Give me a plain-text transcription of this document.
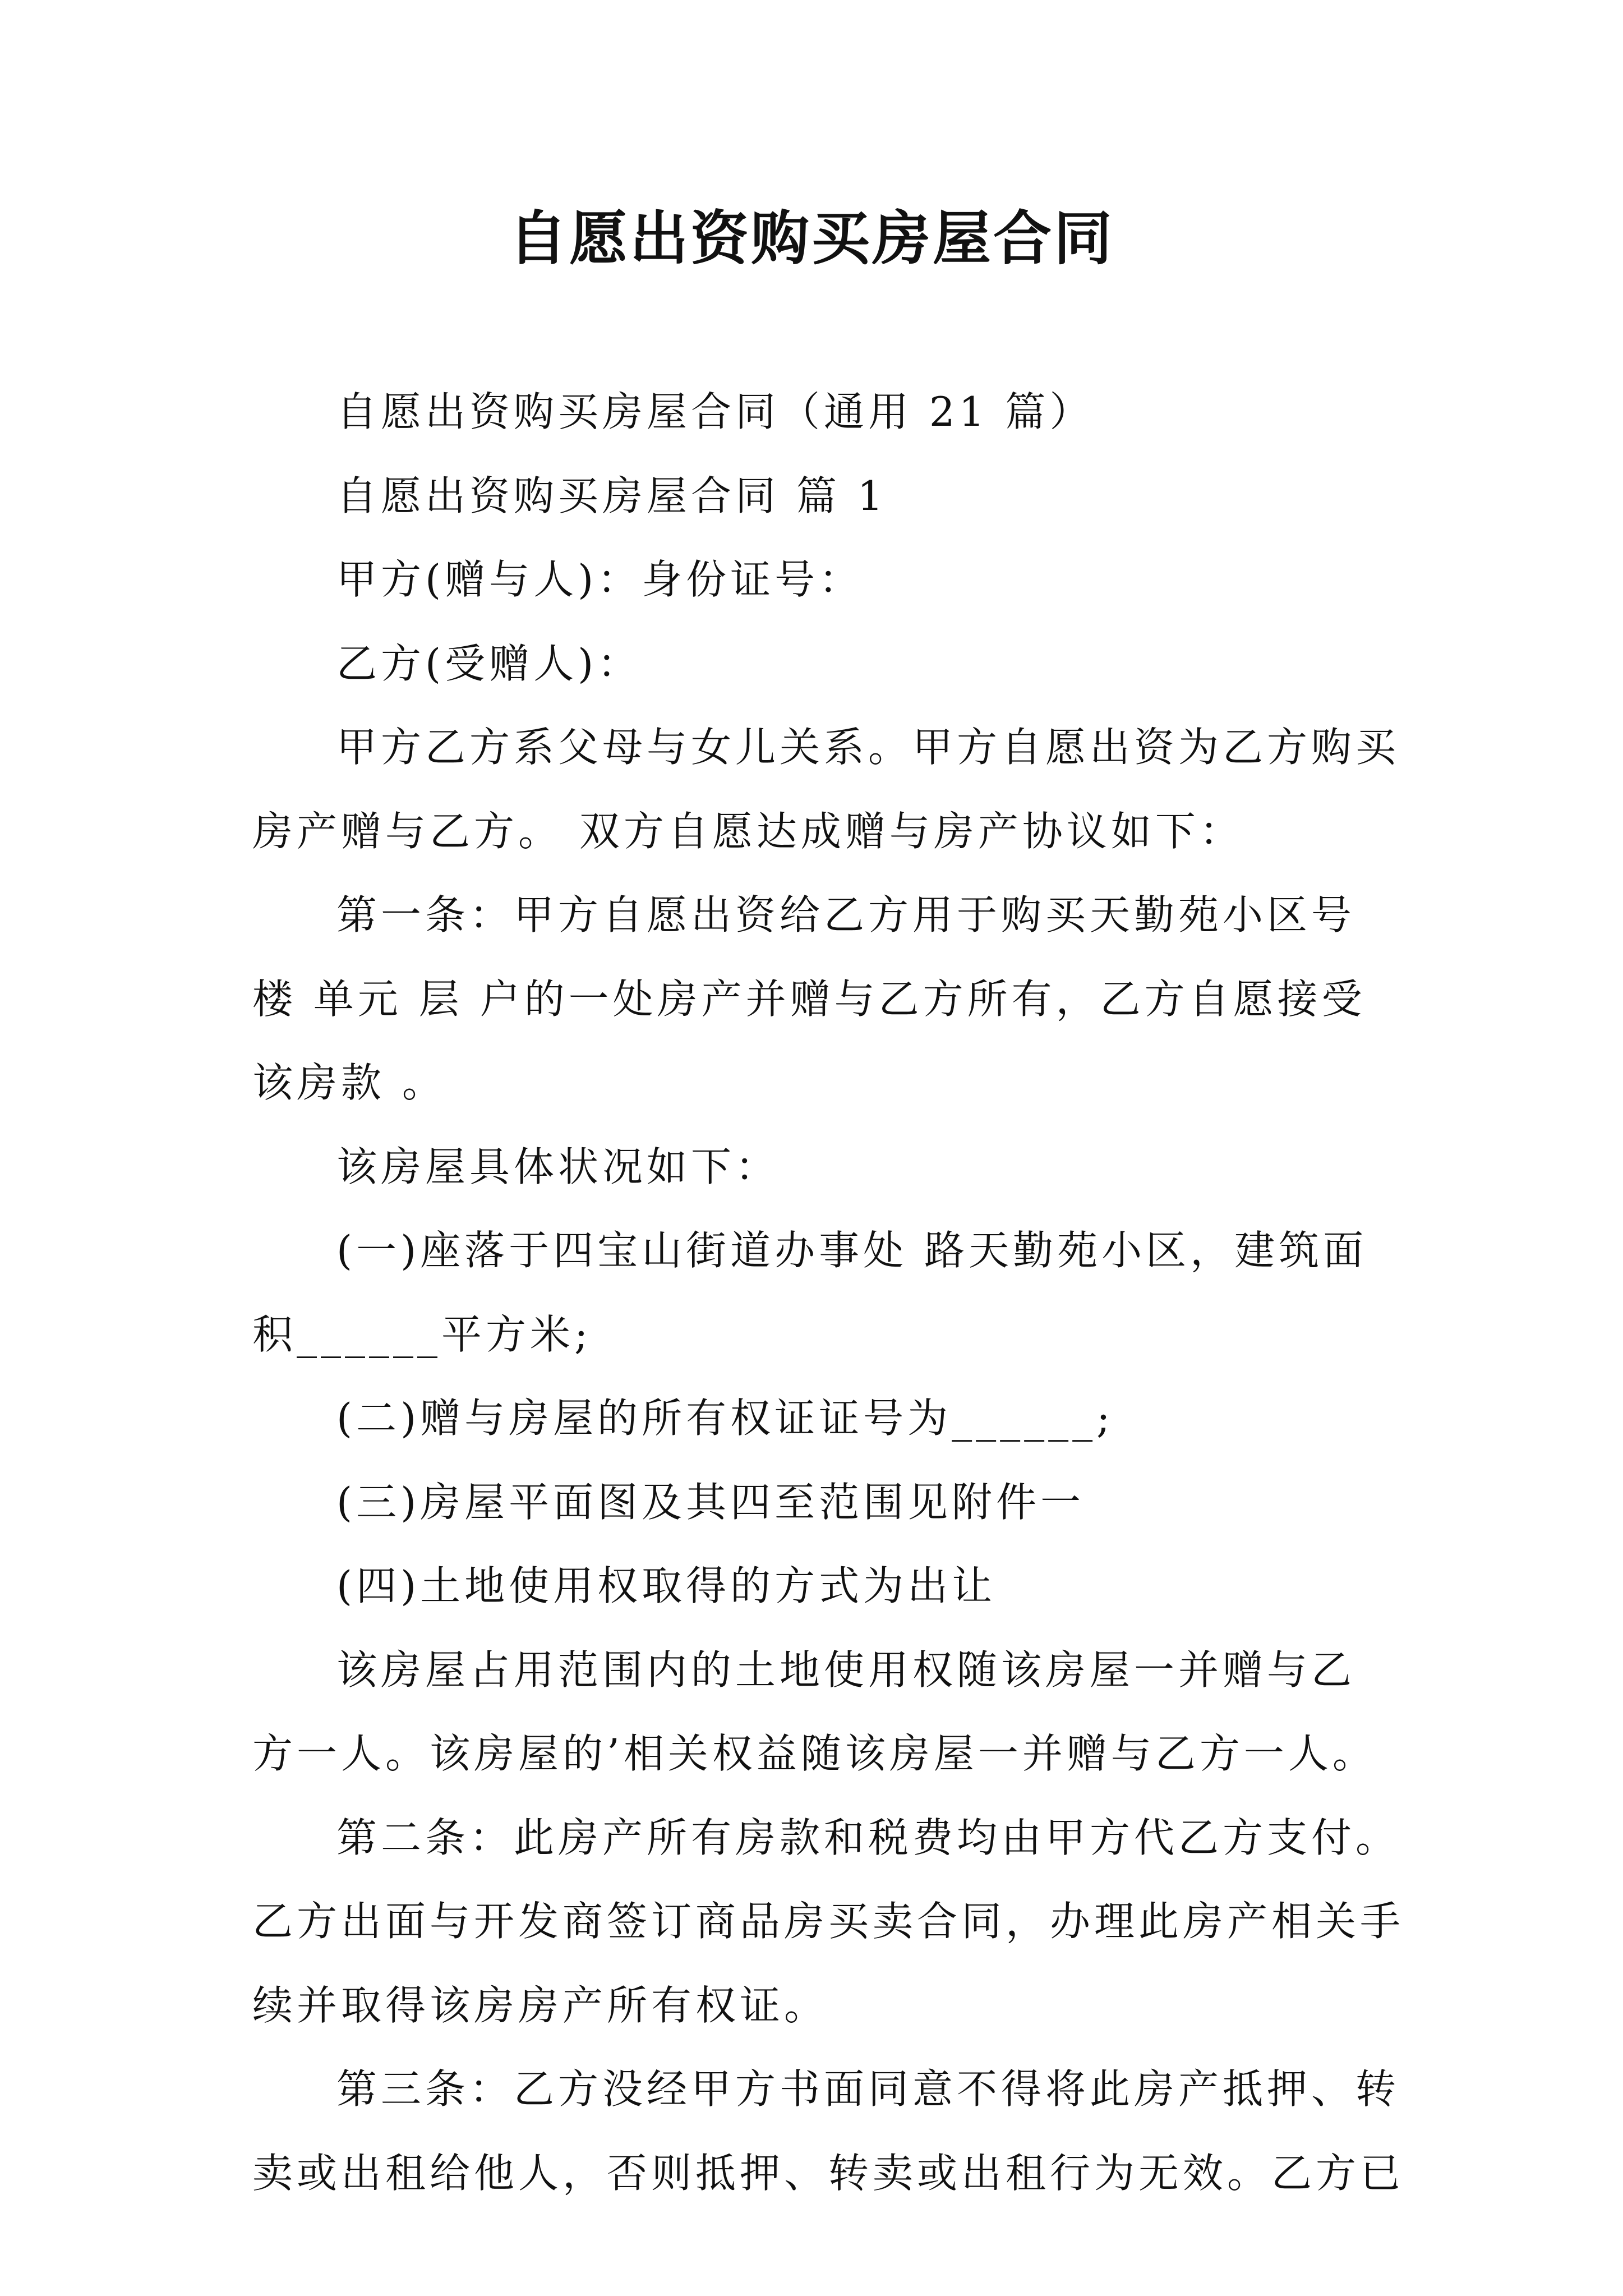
自愿出资购买房屋合同
自愿出资购买房屋合同（通用 21 篇）
自愿出资购买房屋合同 篇 1
甲方(赠与人)：身份证号：
乙方(受赠人)：
甲方乙方系父母与女儿关系。甲方自愿出资为乙方购买
房产赠与乙方。 双方自愿达成赠与房产协议如下：
第一条：甲方自愿出资给乙方用于购买天勤苑小区号
楼 单元 层 户的一处房产并赠与乙方所有，乙方自愿接受
该房款 。
该房屋具体状况如下：
(一)座落于四宝山街道办事处 路天勤苑小区，建筑面
积______平方米;
(二)赠与房屋的所有权证证号为______;
(三)房屋平面图及其四至范围见附件一
(四)土地使用权取得的方式为出让
该房屋占用范围内的土地使用权随该房屋一并赠与乙
方一人。该房屋的’相关权益随该房屋一并赠与乙方一人。
第二条：此房产所有房款和税费均由甲方代乙方支付。
乙方出面与开发商签订商品房买卖合同，办理此房产相关手
续并取得该房房产所有权证。
第三条：乙方没经甲方书面同意不得将此房产抵押、转
卖或出租给他人，否则抵押、转卖或出租行为无效。乙方已
